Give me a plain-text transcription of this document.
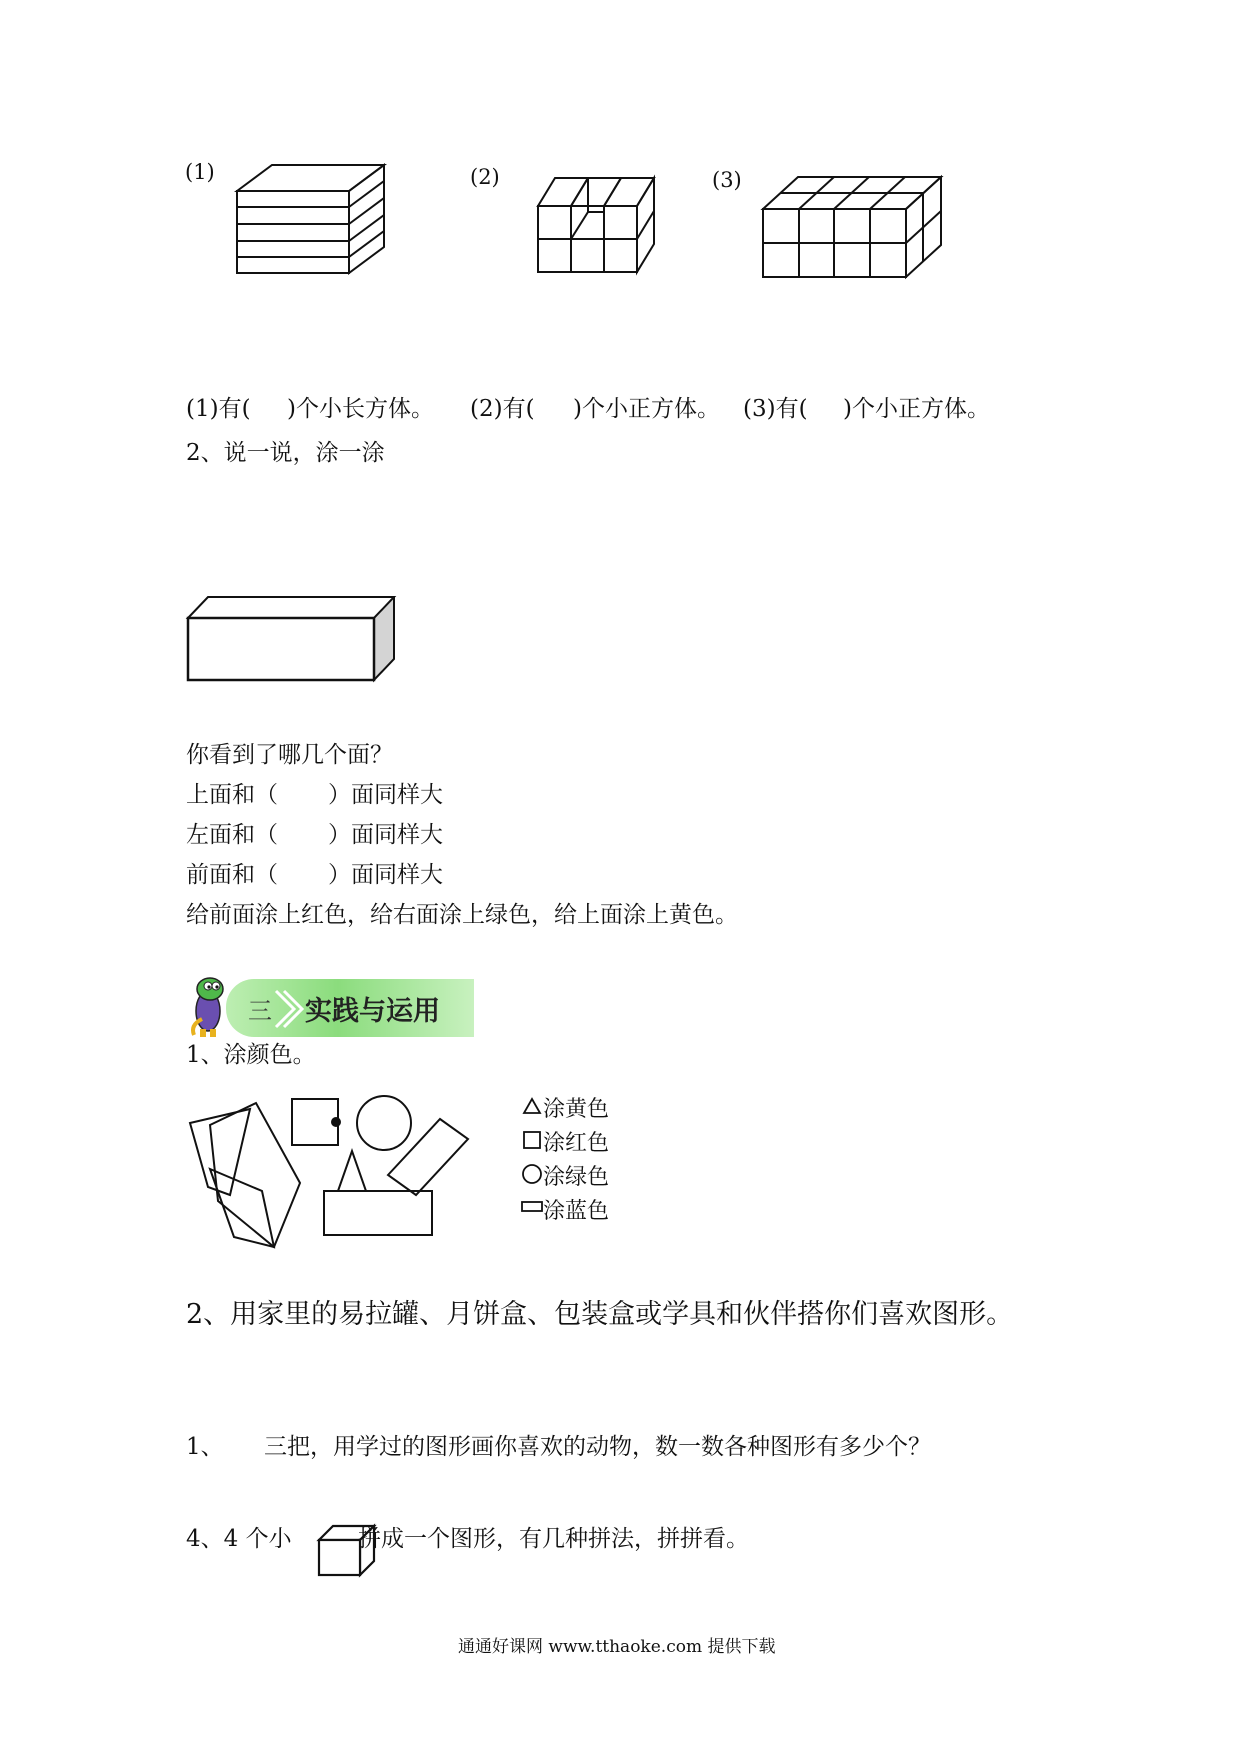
(1)	(2)	(3)
(1)有( )个小长方体。 (2)有( )个小正方体。 (3)有( )个小正方体。
2、说一说，涂一涂
你看到了哪几个面？
上面和（ ）面同样大
左面和（ ）面同样大
前面和（ ）面同样大
给前面涂上红色，给右面涂上绿色，给上面涂上黄色。
三 实践与运用
1、涂颜色。
涂黄色
涂红色
涂绿色
涂蓝色
2、用家里的易拉罐、月饼盒、包装盒或学具和伙伴搭你们喜欢图形。
1、 三把，用学过的图形画你喜欢的动物，数一数各种图形有多少个？
4、4 个小	拼成一个图形，有几种拼法，拼拼看。
通通好课网 www.tthaoke.com 提供下载
